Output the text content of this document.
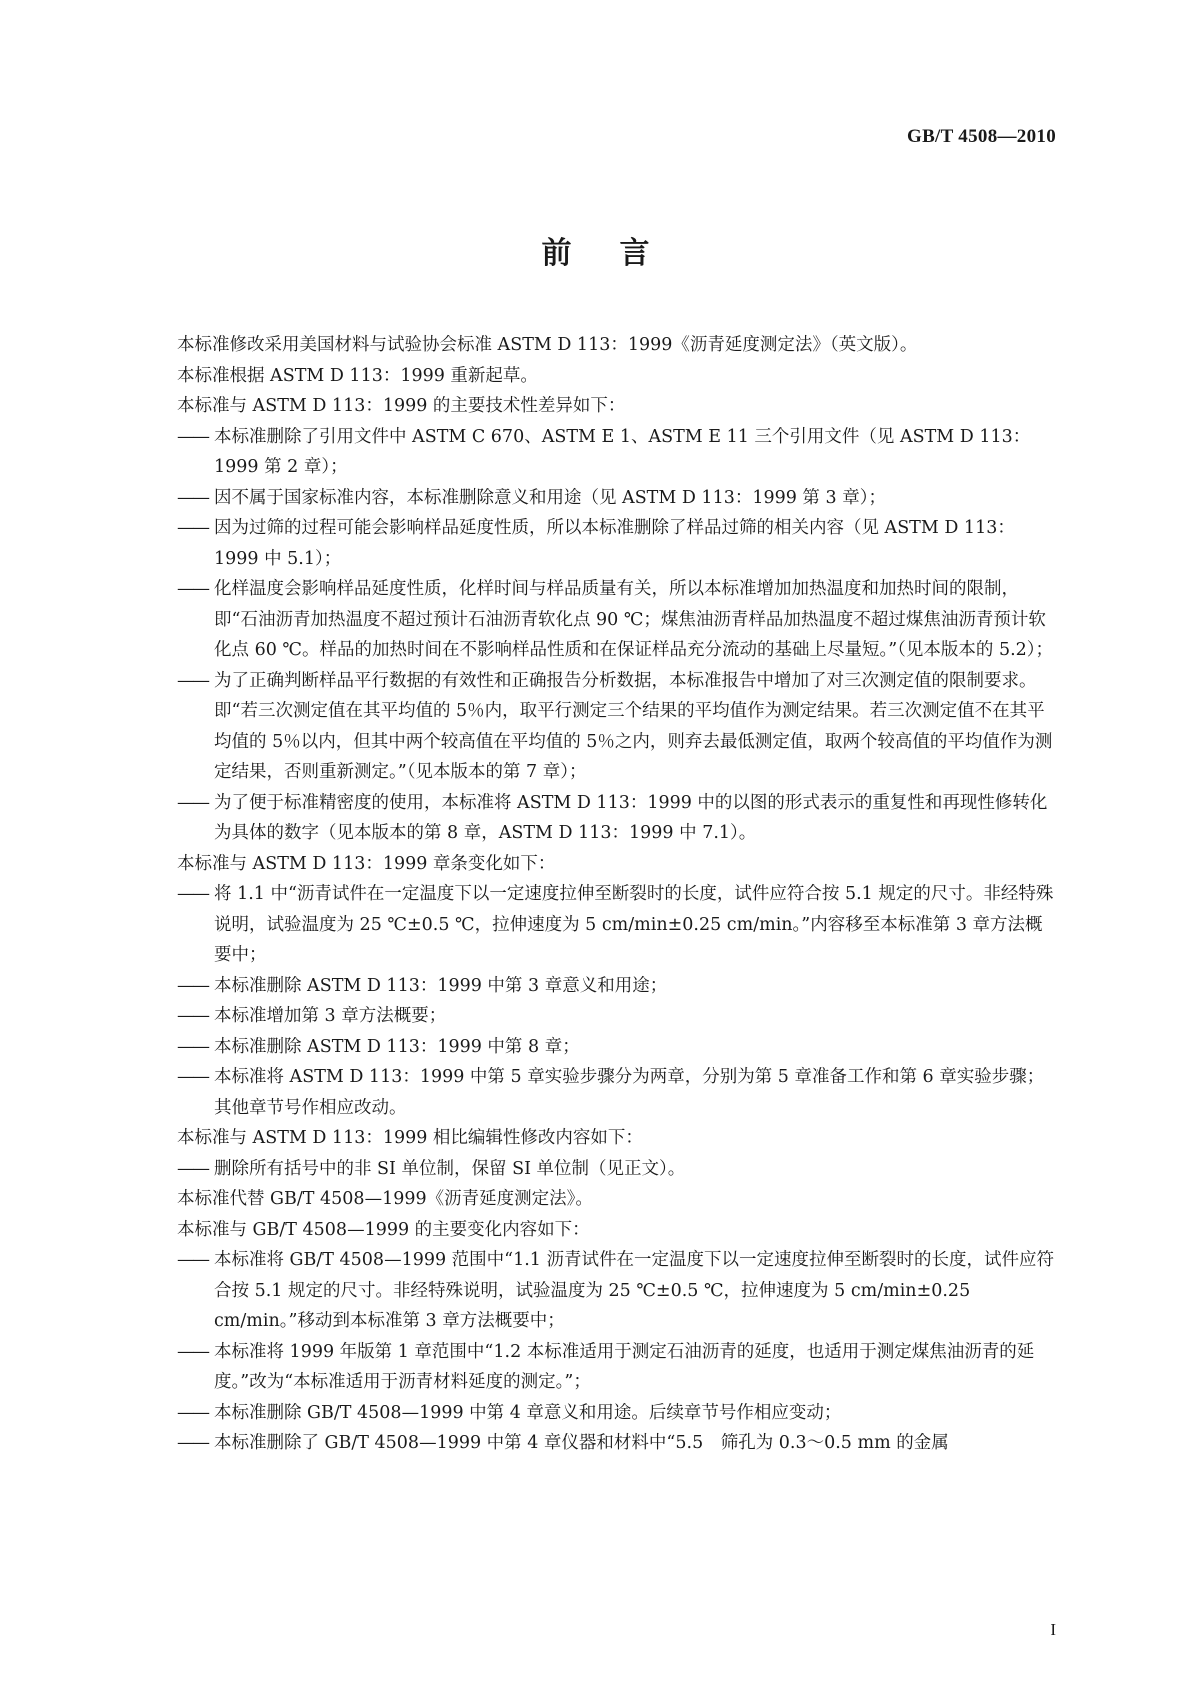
GB/T 4508—2010
前 言

本标准修改采用美国材料与试验协会标准 ASTM D 113：1999《沥青延度测定法》（英文版）。

本标准根据 ASTM D 113：1999 重新起草。

本标准与 ASTM D 113：1999 的主要技术性差异如下：

—— 本标准删除了引用文件中 ASTM C 670、ASTM E 1、ASTM E 11 三个引用文件（见 ASTM D 113：1999 第 2 章）；

—— 因不属于国家标准内容，本标准删除意义和用途（见 ASTM D 113：1999 第 3 章）；

—— 因为过筛的过程可能会影响样品延度性质，所以本标准删除了样品过筛的相关内容（见 ASTM D 113：1999 中 5.1）；

—— 化样温度会影响样品延度性质，化样时间与样品质量有关，所以本标准增加加热温度和加热时间的限制，即“石油沥青加热温度不超过预计石油沥青软化点 90 ℃；煤焦油沥青样品加热温度不超过煤焦油沥青预计软化点 60 ℃。样品的加热时间在不影响样品性质和在保证样品充分流动的基础上尽量短。”（见本版本的 5.2）；

—— 为了正确判断样品平行数据的有效性和正确报告分析数据，本标准报告中增加了对三次测定值的限制要求。即“若三次测定值在其平均值的 5％内，取平行测定三个结果的平均值作为测定结果。若三次测定值不在其平均值的 5％以内，但其中两个较高值在平均值的 5％之内，则弃去最低测定值，取两个较高值的平均值作为测定结果，否则重新测定。”（见本版本的第 7 章）；

—— 为了便于标准精密度的使用，本标准将 ASTM D 113：1999 中的以图的形式表示的重复性和再现性修转化为具体的数字（见本版本的第 8 章，ASTM D 113：1999 中 7.1）。

本标准与 ASTM D 113：1999 章条变化如下：

—— 将 1.1 中“沥青试件在一定温度下以一定速度拉伸至断裂时的长度，试件应符合按 5.1 规定的尺寸。非经特殊说明，试验温度为 25 ℃±0.5 ℃，拉伸速度为 5 cm/min±0.25 cm/min。”内容移至本标准第 3 章方法概要中；

—— 本标准删除 ASTM D 113：1999 中第 3 章意义和用途；

—— 本标准增加第 3 章方法概要；

—— 本标准删除 ASTM D 113：1999 中第 8 章；

—— 本标准将 ASTM D 113：1999 中第 5 章实验步骤分为两章，分别为第 5 章准备工作和第 6 章实验步骤；其他章节号作相应改动。

本标准与 ASTM D 113：1999 相比编辑性修改内容如下：

—— 删除所有括号中的非 SI 单位制，保留 SI 单位制（见正文）。

本标准代替 GB/T 4508—1999《沥青延度测定法》。

本标准与 GB/T 4508—1999 的主要变化内容如下：

—— 本标准将 GB/T 4508—1999 范围中“1.1 沥青试件在一定温度下以一定速度拉伸至断裂时的长度，试件应符合按 5.1 规定的尺寸。非经特殊说明，试验温度为 25 ℃±0.5 ℃，拉伸速度为 5 cm/min±0.25 cm/min。”移动到本标准第 3 章方法概要中；

—— 本标准将 1999 年版第 1 章范围中“1.2 本标准适用于测定石油沥青的延度，也适用于测定煤焦油沥青的延度。”改为“本标准适用于沥青材料延度的测定。”；

—— 本标准删除 GB/T 4508—1999 中第 4 章意义和用途。后续章节号作相应变动；

—— 本标准删除了 GB/T 4508—1999 中第 4 章仪器和材料中“5.5　筛孔为 0.3～0.5 mm 的金属

I
